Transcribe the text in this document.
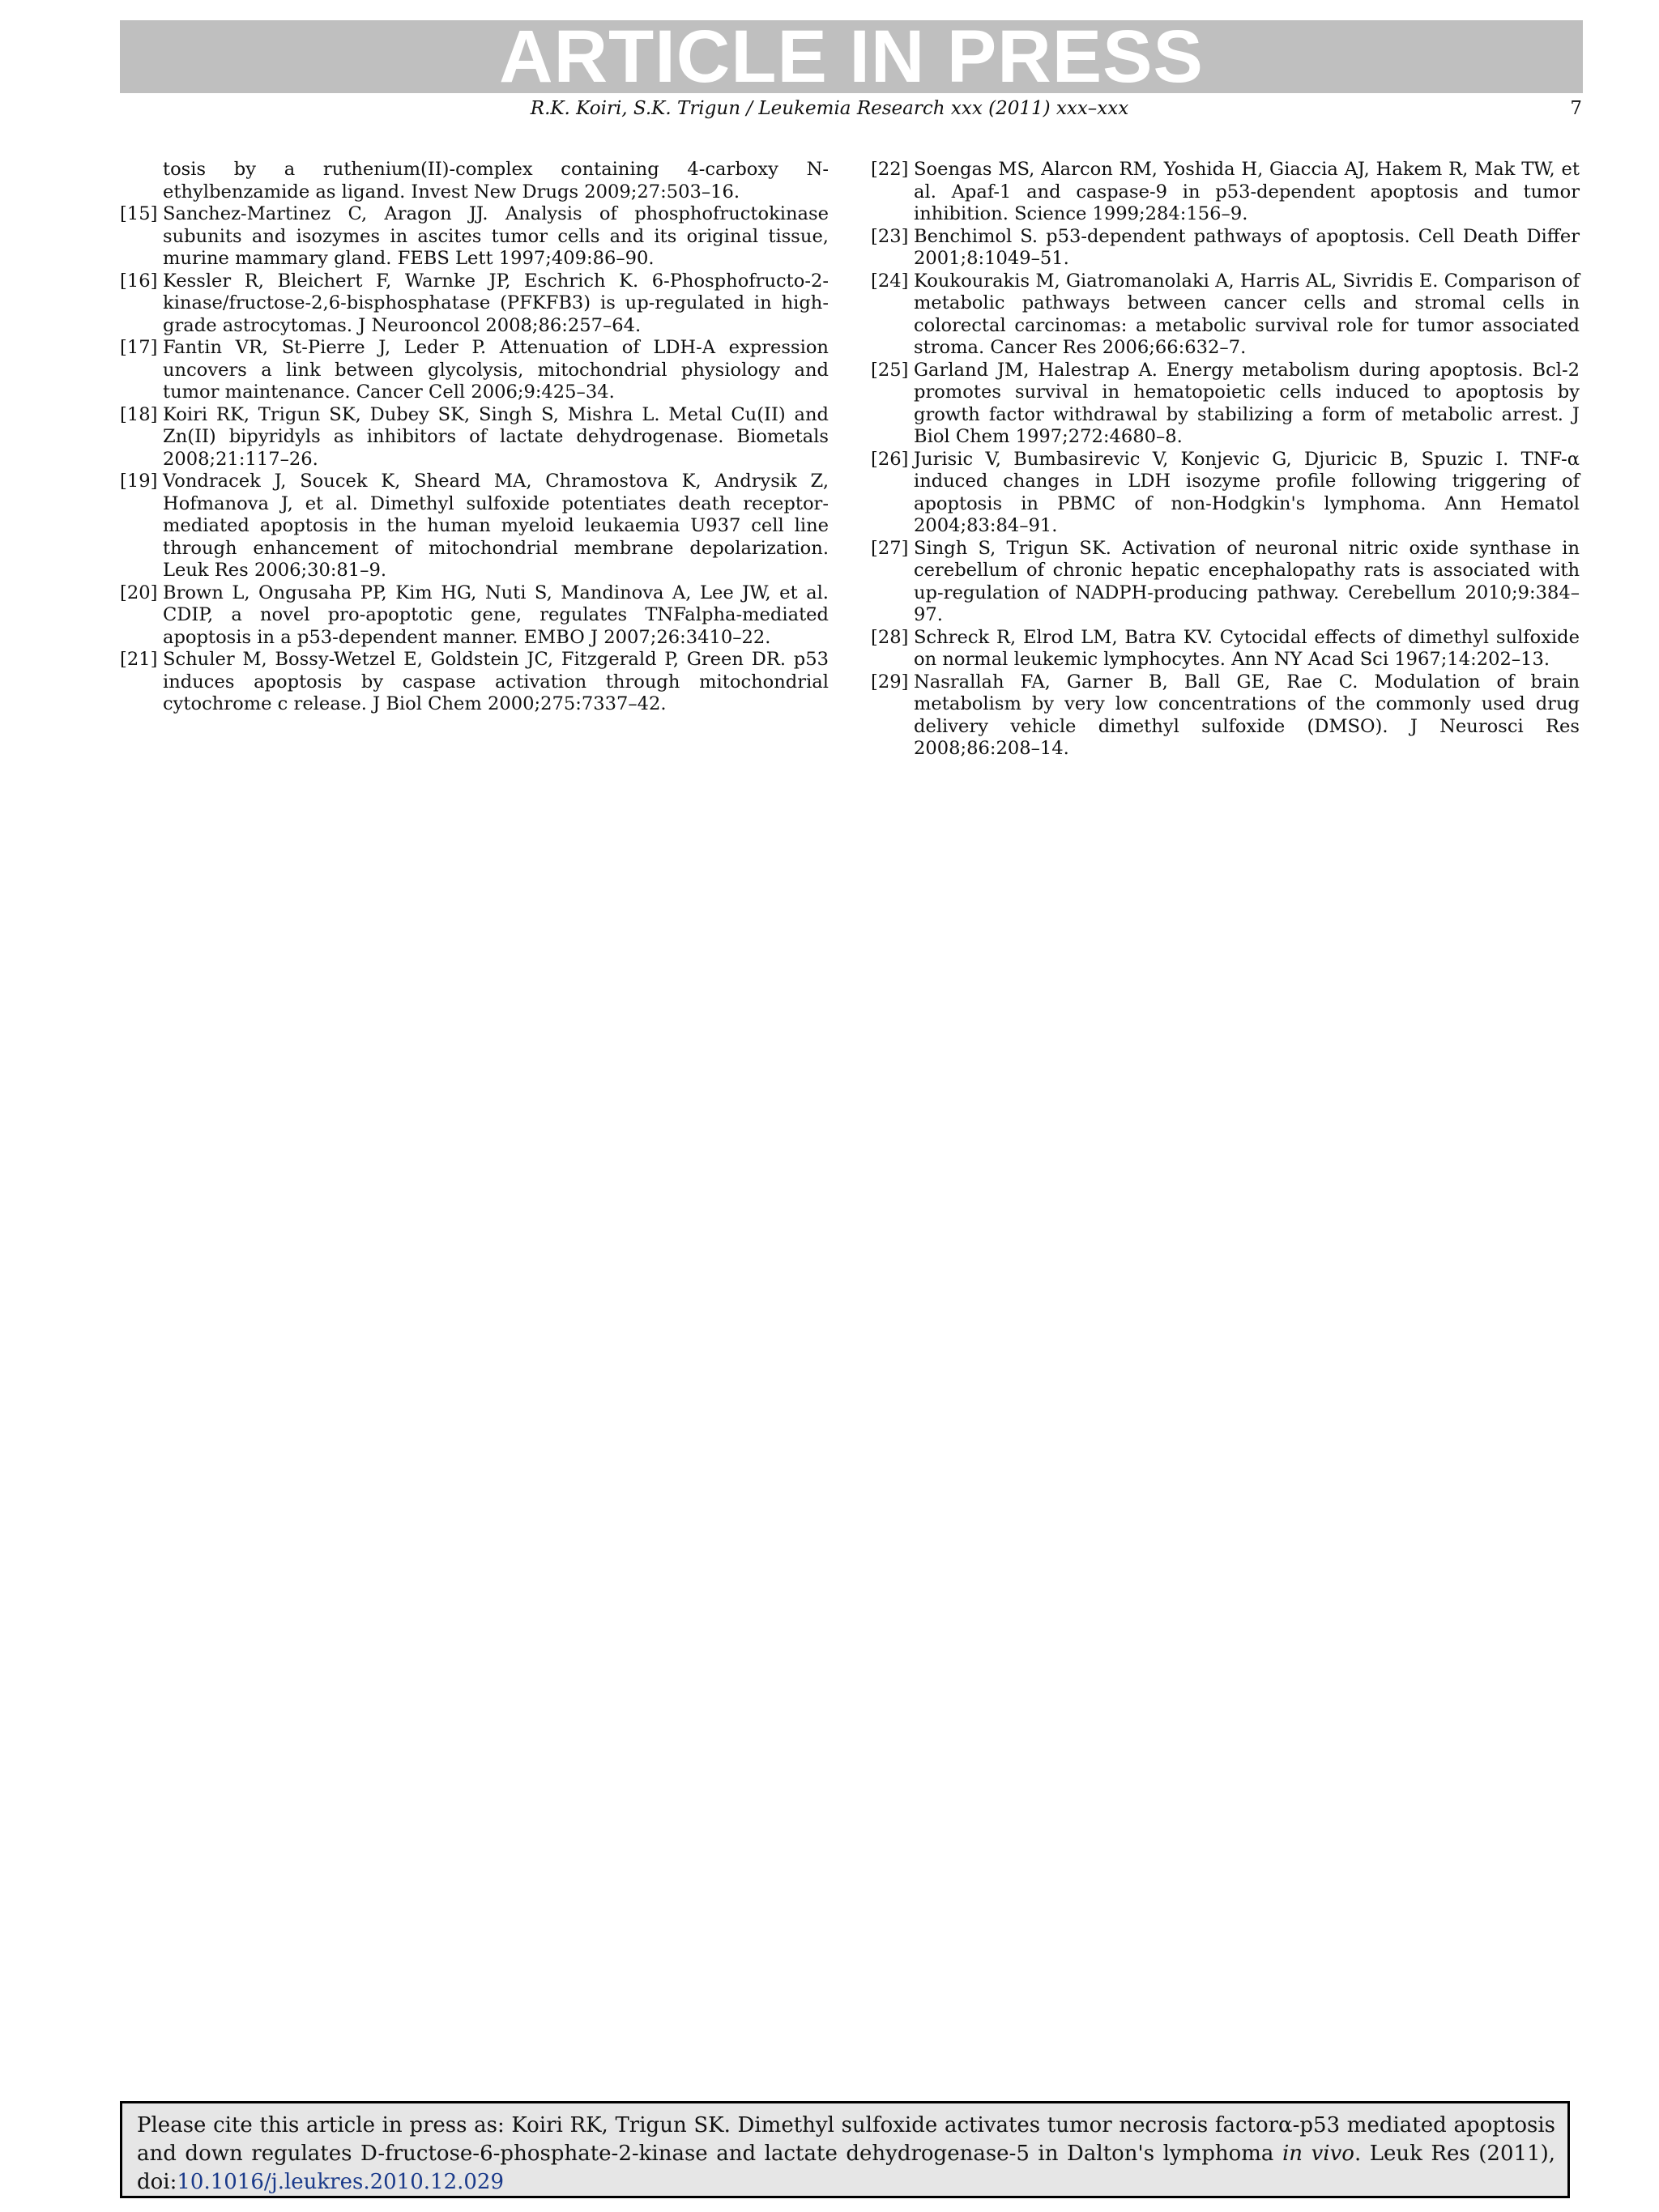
ARTICLE IN PRESS
R.K. Koiri, S.K. Trigun / Leukemia Research xxx (2011) xxx–xxx	7
tosis by a ruthenium(II)-complex containing 4-carboxy N-ethylbenzamide as ligand. Invest New Drugs 2009;27:503–16.
[15] Sanchez-Martinez C, Aragon JJ. Analysis of phosphofructokinase subunits and isozymes in ascites tumor cells and its original tissue, murine mammary gland. FEBS Lett 1997;409:86–90.
[16] Kessler R, Bleichert F, Warnke JP, Eschrich K. 6-Phosphofructo-2-kinase/fructose-2,6-bisphosphatase (PFKFB3) is up-regulated in high-grade astrocytomas. J Neurooncol 2008;86:257–64.
[17] Fantin VR, St-Pierre J, Leder P. Attenuation of LDH-A expression uncovers a link between glycolysis, mitochondrial physiology and tumor maintenance. Cancer Cell 2006;9:425–34.
[18] Koiri RK, Trigun SK, Dubey SK, Singh S, Mishra L. Metal Cu(II) and Zn(II) bipyridyls as inhibitors of lactate dehydrogenase. Biometals 2008;21:117–26.
[19] Vondracek J, Soucek K, Sheard MA, Chramostova K, Andrysik Z, Hofmanova J, et al. Dimethyl sulfoxide potentiates death receptor-mediated apoptosis in the human myeloid leukaemia U937 cell line through enhancement of mitochondrial membrane depolarization. Leuk Res 2006;30:81–9.
[20] Brown L, Ongusaha PP, Kim HG, Nuti S, Mandinova A, Lee JW, et al. CDIP, a novel pro-apoptotic gene, regulates TNFalpha-mediated apoptosis in a p53-dependent manner. EMBO J 2007;26:3410–22.
[21] Schuler M, Bossy-Wetzel E, Goldstein JC, Fitzgerald P, Green DR. p53 induces apoptosis by caspase activation through mitochondrial cytochrome c release. J Biol Chem 2000;275:7337–42.
[22] Soengas MS, Alarcon RM, Yoshida H, Giaccia AJ, Hakem R, Mak TW, et al. Apaf-1 and caspase-9 in p53-dependent apoptosis and tumor inhibition. Science 1999;284:156–9.
[23] Benchimol S. p53-dependent pathways of apoptosis. Cell Death Differ 2001;8:1049–51.
[24] Koukourakis M, Giatromanolaki A, Harris AL, Sivridis E. Comparison of metabolic pathways between cancer cells and stromal cells in colorectal carcinomas: a metabolic survival role for tumor associated stroma. Cancer Res 2006;66:632–7.
[25] Garland JM, Halestrap A. Energy metabolism during apoptosis. Bcl-2 promotes survival in hematopoietic cells induced to apoptosis by growth factor withdrawal by stabilizing a form of metabolic arrest. J Biol Chem 1997;272:4680–8.
[26] Jurisic V, Bumbasirevic V, Konjevic G, Djuricic B, Spuzic I. TNF-α induced changes in LDH isozyme profile following triggering of apoptosis in PBMC of non-Hodgkin's lymphoma. Ann Hematol 2004;83:84–91.
[27] Singh S, Trigun SK. Activation of neuronal nitric oxide synthase in cerebellum of chronic hepatic encephalopathy rats is associated with up-regulation of NADPH-producing pathway. Cerebellum 2010;9:384–97.
[28] Schreck R, Elrod LM, Batra KV. Cytocidal effects of dimethyl sulfoxide on normal leukemic lymphocytes. Ann NY Acad Sci 1967;14:202–13.
[29] Nasrallah FA, Garner B, Ball GE, Rae C. Modulation of brain metabolism by very low concentrations of the commonly used drug delivery vehicle dimethyl sulfoxide (DMSO). J Neurosci Res 2008;86:208–14.
Please cite this article in press as: Koiri RK, Trigun SK. Dimethyl sulfoxide activates tumor necrosis factorα-p53 mediated apoptosis and down regulates D-fructose-6-phosphate-2-kinase and lactate dehydrogenase-5 in Dalton's lymphoma in vivo. Leuk Res (2011), doi:10.1016/j.leukres.2010.12.029
